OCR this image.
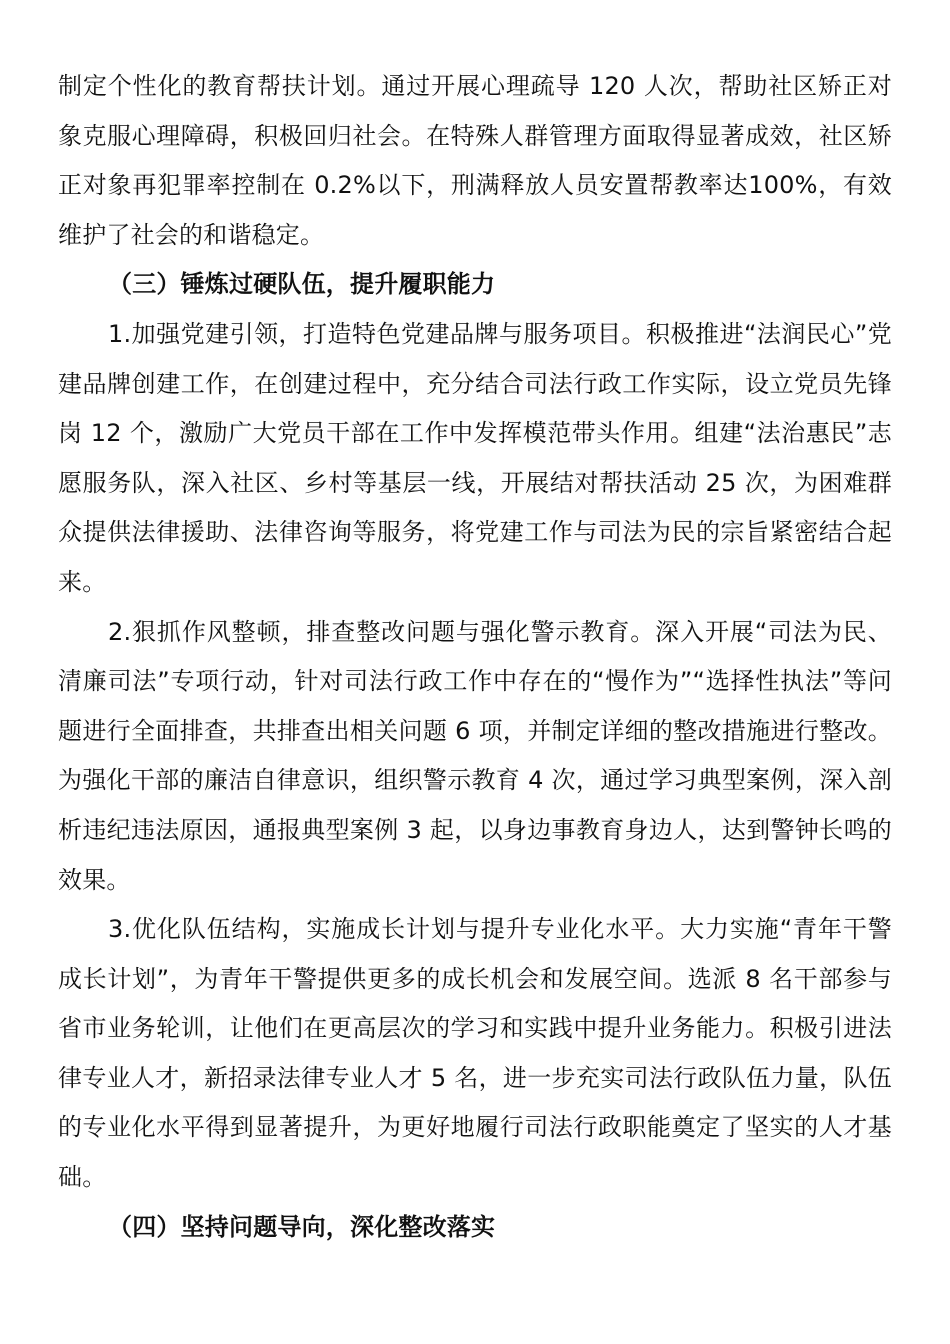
制定个性化的教育帮扶计划。通过开展心理疏导 120 人次，帮助社区矫正对象克服心理障碍，积极回归社会。在特殊人群管理方面取得显著成效，社区矫正对象再犯罪率控制在 0.2%以下，刑满释放人员安置帮教率达100%，有效维护了社会的和谐稳定。

（三）锤炼过硬队伍，提升履职能力

1.加强党建引领，打造特色党建品牌与服务项目。积极推进“法润民心”党建品牌创建工作，在创建过程中，充分结合司法行政工作实际，设立党员先锋岗 12 个，激励广大党员干部在工作中发挥模范带头作用。组建“法治惠民”志愿服务队，深入社区、乡村等基层一线，开展结对帮扶活动 25 次，为困难群众提供法律援助、法律咨询等服务，将党建工作与司法为民的宗旨紧密结合起来。

2.狠抓作风整顿，排查整改问题与强化警示教育。深入开展“司法为民、清廉司法”专项行动，针对司法行政工作中存在的“慢作为”“选择性执法”等问题进行全面排查，共排查出相关问题 6 项，并制定详细的整改措施进行整改。为强化干部的廉洁自律意识，组织警示教育 4 次，通过学习典型案例，深入剖析违纪违法原因，通报典型案例 3 起，以身边事教育身边人，达到警钟长鸣的效果。

3.优化队伍结构，实施成长计划与提升专业化水平。大力实施“青年干警成长计划”，为青年干警提供更多的成长机会和发展空间。选派 8 名干部参与省市业务轮训，让他们在更高层次的学习和实践中提升业务能力。积极引进法律专业人才，新招录法律专业人才 5 名，进一步充实司法行政队伍力量，队伍的专业化水平得到显著提升，为更好地履行司法行政职能奠定了坚实的人才基础。

（四）坚持问题导向，深化整改落实
